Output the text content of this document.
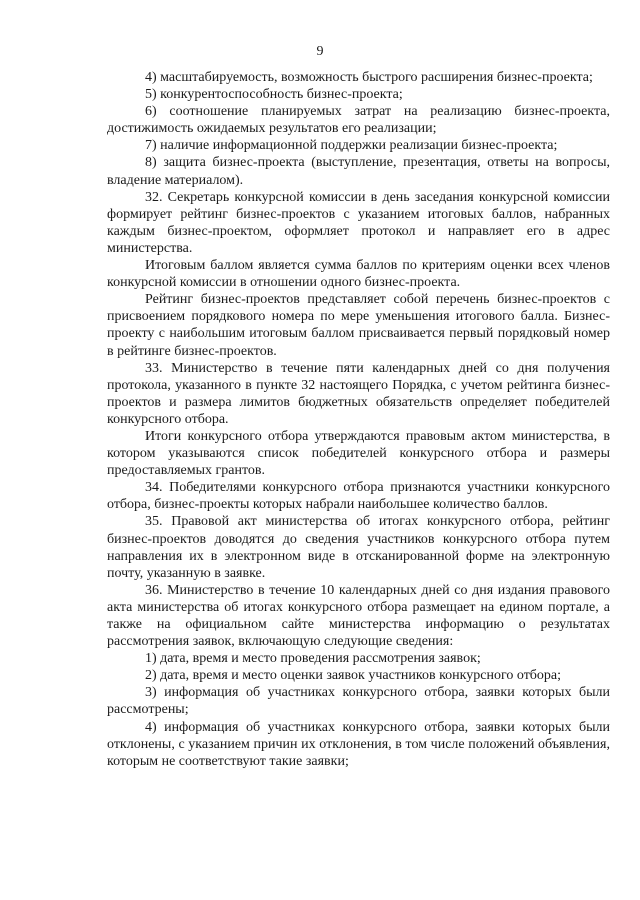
9

4) масштабируемость, возможность быстрого расширения бизнес-проекта;

5) конкурентоспособность бизнес-проекта;

6) соотношение планируемых затрат на реализацию бизнес-проекта, достижимость ожидаемых результатов его реализации;

7) наличие информационной поддержки реализации бизнес-проекта;

8) защита бизнес-проекта (выступление, презентация, ответы на вопросы, владение материалом).

32. Секретарь конкурсной комиссии в день заседания конкурсной комиссии формирует рейтинг бизнес-проектов с указанием итоговых баллов, набранных каждым бизнес-проектом, оформляет протокол и направляет его в адрес министерства.

Итоговым баллом является сумма баллов по критериям оценки всех членов конкурсной комиссии в отношении одного бизнес-проекта.

Рейтинг бизнес-проектов представляет собой перечень бизнес-проектов с присвоением порядкового номера по мере уменьшения итогового балла. Бизнес-проекту с наибольшим итоговым баллом присваивается первый порядковый номер в рейтинге бизнес-проектов.

33. Министерство в течение пяти календарных дней со дня получения протокола, указанного в пункте 32 настоящего Порядка, с учетом рейтинга бизнес-проектов и размера лимитов бюджетных обязательств определяет победителей конкурсного отбора.

Итоги конкурсного отбора утверждаются правовым актом министерства, в котором указываются список победителей конкурсного отбора и размеры предоставляемых грантов.

34. Победителями конкурсного отбора признаются участники конкурсного отбора, бизнес-проекты которых набрали наибольшее количество баллов.

35. Правовой акт министерства об итогах конкурсного отбора, рейтинг бизнес-проектов доводятся до сведения участников конкурсного отбора путем направления их в электронном виде в отсканированной форме на электронную почту, указанную в заявке.

36. Министерство в течение 10 календарных дней со дня издания правового акта министерства об итогах конкурсного отбора размещает на едином портале, а также на официальном сайте министерства информацию о результатах рассмотрения заявок, включающую следующие сведения:

1) дата, время и место проведения рассмотрения заявок;

2) дата, время и место оценки заявок участников конкурсного отбора;

3) информация об участниках конкурсного отбора, заявки которых были рассмотрены;

4) информация об участниках конкурсного отбора, заявки которых были отклонены, с указанием причин их отклонения, в том числе положений объявления, которым не соответствуют такие заявки;
